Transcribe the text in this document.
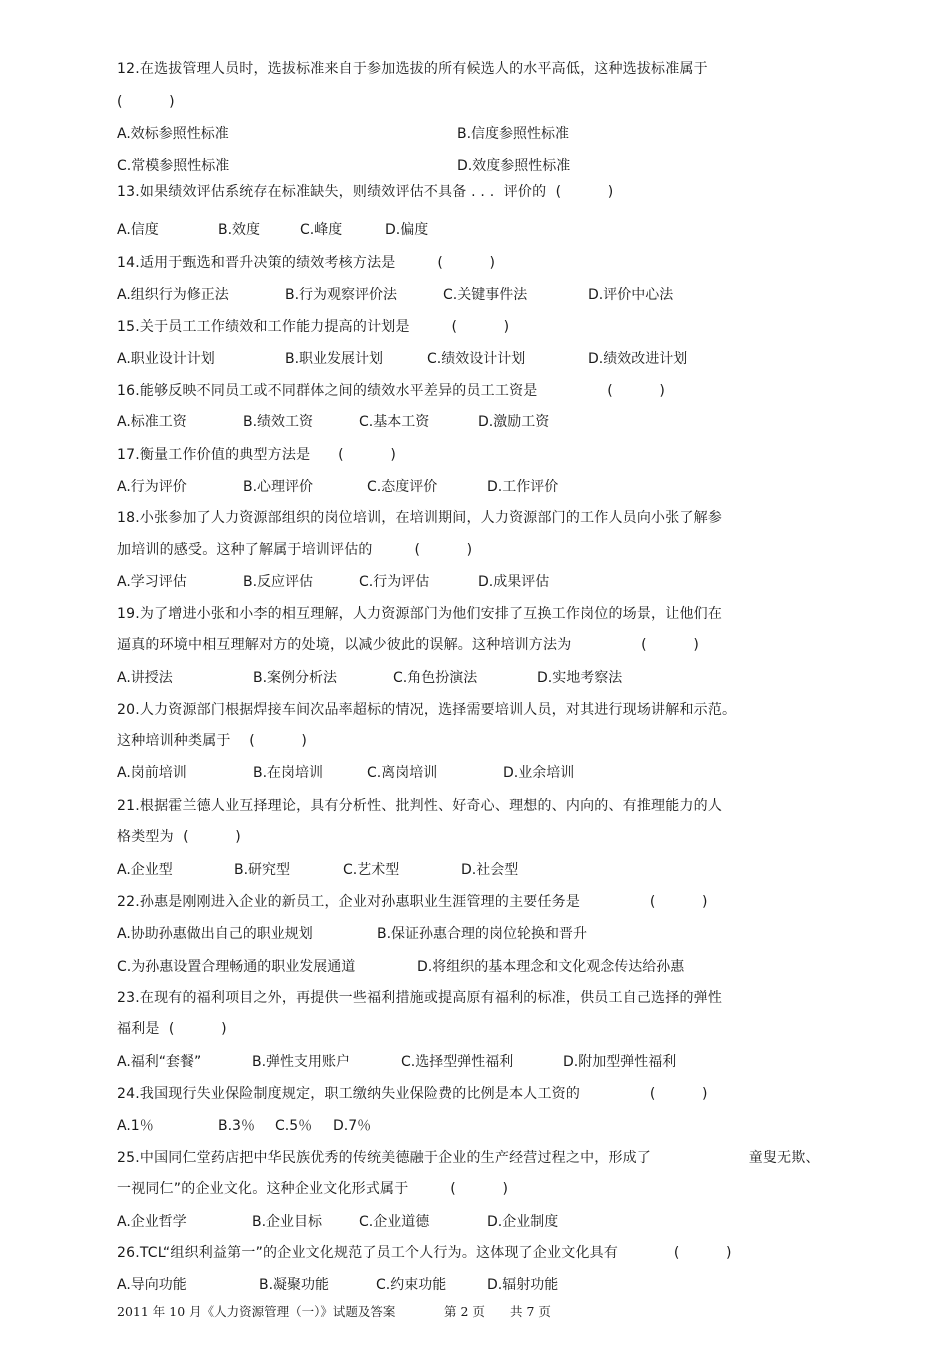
12.在选拔管理人员时，选拔标准来自于参加选拔的所有候选人的水平高低，这种选拔标准属于
(          )
A.效标参照性标准	B.信度参照性标准
C.常模参照性标准	D.效度参照性标准
13.如果绩效评估系统存在标准缺失，则绩效评估不具备 . . .  评价的  (          )
A.信度	B.效度	C.峰度	D.偏度
14.适用于甄选和晋升决策的绩效考核方法是         (          )
A.组织行为修正法	B.行为观察评价法	C.关键事件法	D.评价中心法
15.关于员工工作绩效和工作能力提高的计划是         (          )
A.职业设计计划	B.职业发展计划	C.绩效设计计划	D.绩效改进计划
16.能够反映不同员工或不同群体之间的绩效水平差异的员工工资是               (          )
A.标准工资	B.绩效工资	C.基本工资	D.激励工资
17.衡量工作价值的典型方法是      (          )
A.行为评价	B.心理评价	C.态度评价	D.工作评价
18.小张参加了人力资源部组织的岗位培训，在培训期间，人力资源部门的工作人员向小张了解参
加培训的感受。这种了解属于培训评估的         (          )
A.学习评估	B.反应评估	C.行为评估	D.成果评估
19.为了增进小张和小李的相互理解，人力资源部门为他们安排了互换工作岗位的场景，让他们在
逼真的环境中相互理解对方的处境，以减少彼此的误解。这种培训方法为               (          )
A.讲授法	B.案例分析法	C.角色扮演法	D.实地考察法
20.人力资源部门根据焊接车间次品率超标的情况，选择需要培训人员，对其进行现场讲解和示范。
这种培训种类属于    (          )
A.岗前培训	B.在岗培训	C.离岗培训	D.业余培训
21.根据霍兰德人业互择理论，具有分析性、批判性、好奇心、理想的、内向的、有推理能力的人
格类型为  (          )
A.企业型	B.研究型	C.艺术型	D.社会型
22.孙惠是刚刚进入企业的新员工，企业对孙惠职业生涯管理的主要任务是               (          )
A.协助孙惠做出自己的职业规划	B.保证孙惠合理的岗位轮换和晋升
C.为孙惠设置合理畅通的职业发展通道	D.将组织的基本理念和文化观念传达给孙惠
23.在现有的福利项目之外，再提供一些福利措施或提高原有福利的标准，供员工自己选择的弹性
福利是  (          )
A.福利“套餐”	B.弹性支用账户	C.选择型弹性福利	D.附加型弹性福利
24.我国现行失业保险制度规定，职工缴纳失业保险费的比例是本人工资的               (          )
A.1％	B.3％ C.5％ D.7％
25.中国同仁堂药店把中华民族优秀的传统美德融于企业的生产经营过程之中，形成了                     童叟无欺、
一视同仁”的企业文化。这种企业文化形式属于         (          )
A.企业哲学	B.企业目标	C.企业道德	D.企业制度
26.TCL“组织利益第一”的企业文化规范了员工个人行为。这体现了企业文化具有            (          )
A.导向功能	B.凝聚功能	C.约束功能	D.辐射功能
2011 年 10 月《人力资源管理（一）》试题及答案	第 2 页 共 7 页
